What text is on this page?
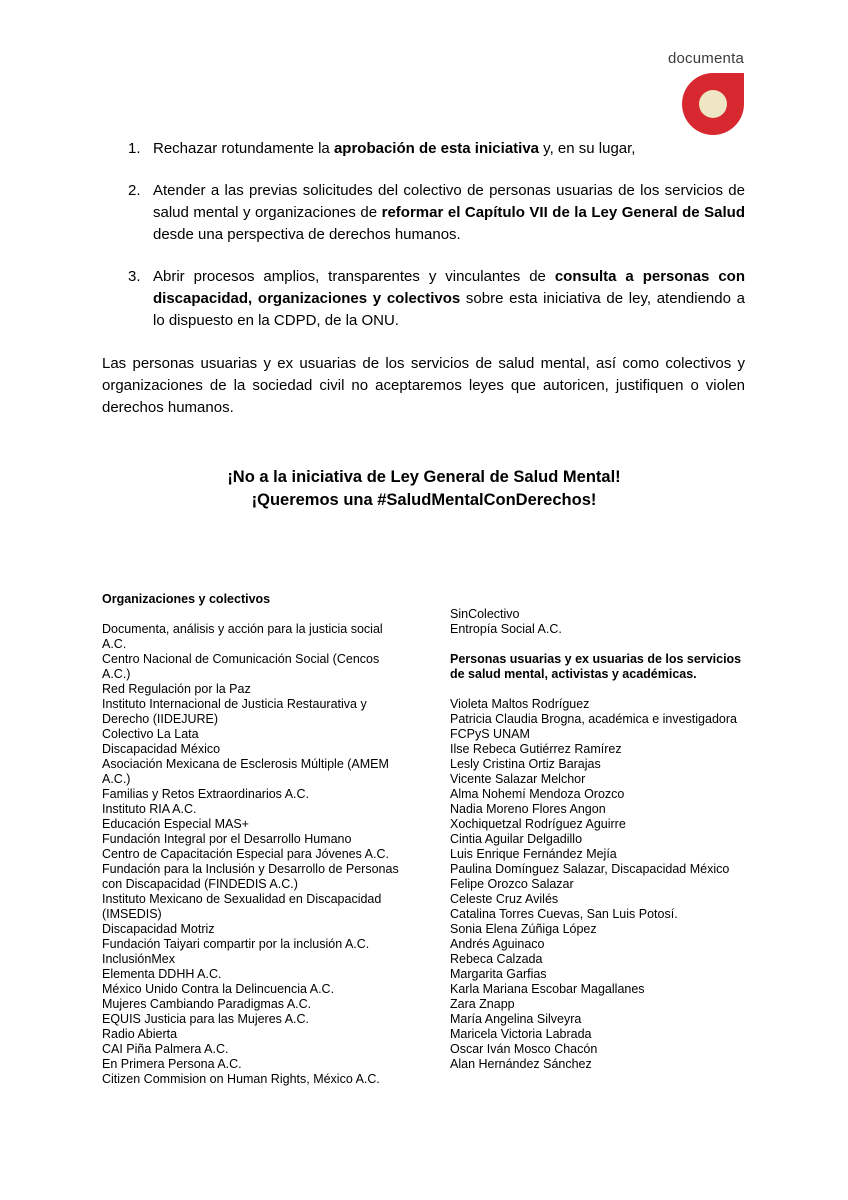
documenta
1. Rechazar rotundamente la aprobación de esta iniciativa y, en su lugar,
2. Atender a las previas solicitudes del colectivo de personas usuarias de los servicios de salud mental y organizaciones de reformar el Capítulo VII de la Ley General de Salud desde una perspectiva de derechos humanos.
3. Abrir procesos amplios, transparentes y vinculantes de consulta a personas con discapacidad, organizaciones y colectivos sobre esta iniciativa de ley, atendiendo a lo dispuesto en la CDPD, de la ONU.

Las personas usuarias y ex usuarias de los servicios de salud mental, así como colectivos y organizaciones de la sociedad civil no aceptaremos leyes que autoricen, justifiquen o violen derechos humanos.

¡No a la iniciativa de Ley General de Salud Mental!
¡Queremos una #SaludMentalConDerechos!
Organizaciones y colectivos
Documenta, análisis y acción para la justicia social A.C.
Centro Nacional de Comunicación Social (Cencos A.C.)
Red Regulación por la Paz
Instituto Internacional de Justicia Restaurativa y Derecho (IIDEJURE)
Colectivo La Lata
Discapacidad México
Asociación Mexicana de Esclerosis Múltiple (AMEM A.C.)
Familias y Retos Extraordinarios A.C.
Instituto RIA A.C.
Educación Especial MAS+
Fundación Integral por el Desarrollo Humano
Centro de Capacitación Especial para Jóvenes A.C.
Fundación para la Inclusión y Desarrollo de Personas con Discapacidad (FINDEDIS A.C.)
Instituto Mexicano de Sexualidad en Discapacidad (IMSEDIS)
Discapacidad Motriz
Fundación Taiyari compartir por la inclusión A.C.
InclusiónMex
Elementa DDHH A.C.
México Unido Contra la Delincuencia A.C.
Mujeres Cambiando Paradigmas A.C.
EQUIS Justicia para las Mujeres A.C.
Radio Abierta
CAI Piña Palmera A.C.
En Primera Persona A.C.
Citizen Commision on Human Rights, México A.C.
SinColectivo
Entropía Social A.C.
Personas usuarias y ex usuarias de los servicios de salud mental, activistas y académicas.
Violeta Maltos Rodríguez
Patricia Claudia Brogna, académica e investigadora FCPyS UNAM
Ilse Rebeca Gutiérrez Ramírez
Lesly Cristina Ortiz Barajas
Vicente Salazar Melchor
Alma Nohemí Mendoza Orozco
Nadia Moreno Flores Angon
Xochiquetzal Rodríguez Aguirre
Cintia Aguilar Delgadillo
Luis Enrique Fernández Mejía
Paulina Domínguez Salazar, Discapacidad México
Felipe Orozco Salazar
Celeste Cruz Avilés
Catalina Torres Cuevas, San Luis Potosí.
Sonia Elena Zúñiga López
Andrés Aguinaco
Rebeca Calzada
Margarita Garfias
Karla Mariana Escobar Magallanes
Zara Znapp
María Angelina Silveyra
Maricela Victoria Labrada
Oscar Iván Mosco Chacón
Alan Hernández Sánchez
